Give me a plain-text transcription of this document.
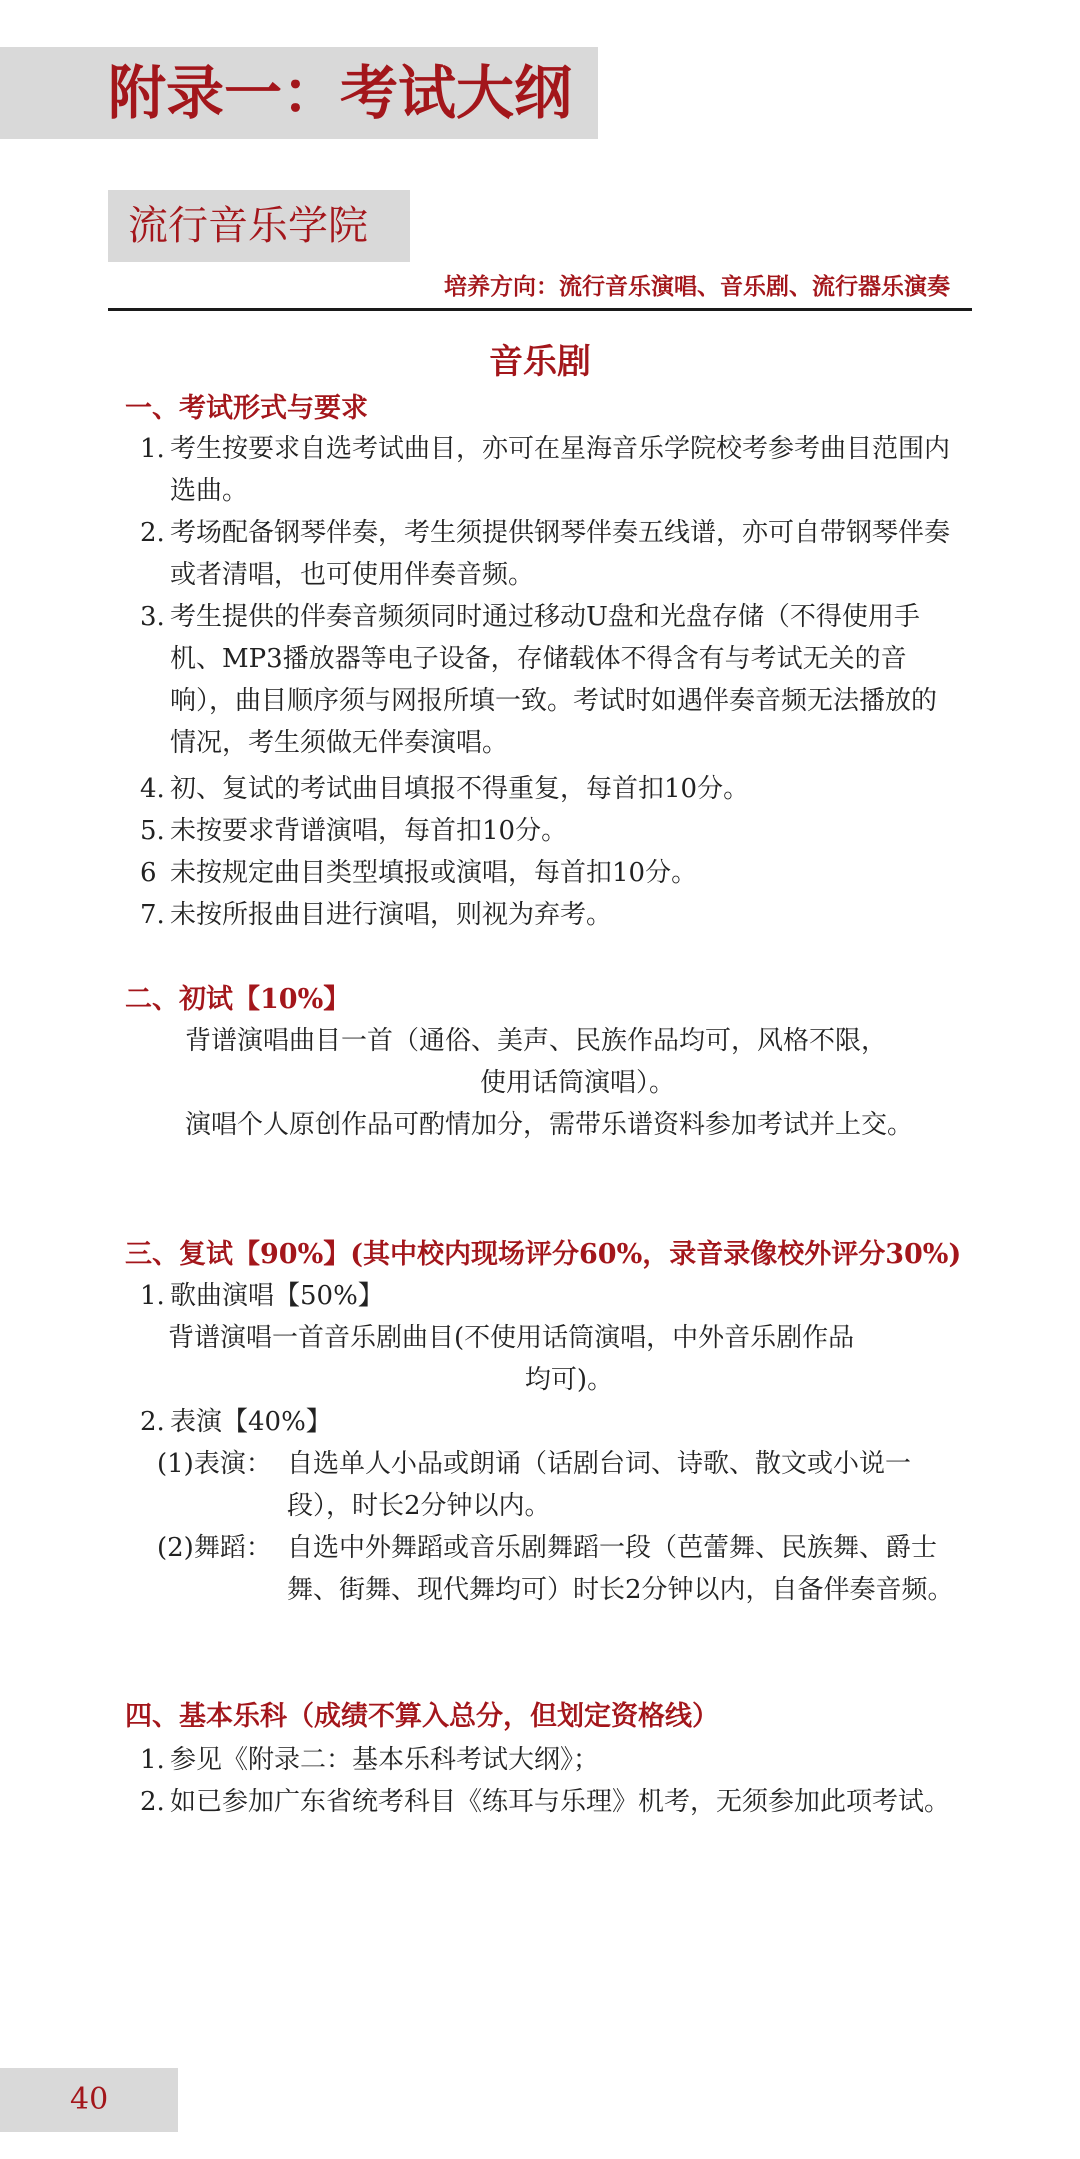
附录一：考试大纲
流行音乐学院
培养方向：流行音乐演唱、音乐剧、流行器乐演奏
音乐剧
一、考试形式与要求
1. 考生按要求自选考试曲目，亦可在星海音乐学院校考参考曲目范围内选曲。
2. 考场配备钢琴伴奏，考生须提供钢琴伴奏五线谱，亦可自带钢琴伴奏或者清唱，也可使用伴奏音频。
3. 考生提供的伴奏音频须同时通过移动U盘和光盘存储（不得使用手机、MP3播放器等电子设备，存储载体不得含有与考试无关的音响），曲目顺序须与网报所填一致。考试时如遇伴奏音频无法播放的情况，考生须做无伴奏演唱。
4. 初、复试的考试曲目填报不得重复，每首扣10分。
5. 未按要求背谱演唱，每首扣10分。
6 未按规定曲目类型填报或演唱，每首扣10分。
7. 未按所报曲目进行演唱，则视为弃考。
二、初试【10%】
背谱演唱曲目一首（通俗、美声、民族作品均可，风格不限，
使用话筒演唱）。
演唱个人原创作品可酌情加分，需带乐谱资料参加考试并上交。
三、复试【90%】(其中校内现场评分60%，录音录像校外评分30%)
1. 歌曲演唱【50%】
背谱演唱一首音乐剧曲目(不使用话筒演唱，中外音乐剧作品
均可)。
2. 表演【40%】
(1)表演： 自选单人小品或朗诵（话剧台词、诗歌、散文或小说一段），时长2分钟以内。
(2)舞蹈： 自选中外舞蹈或音乐剧舞蹈一段（芭蕾舞、民族舞、爵士舞、街舞、现代舞均可）时长2分钟以内，自备伴奏音频。
四、基本乐科（成绩不算入总分，但划定资格线）
1. 参见《附录二：基本乐科考试大纲》；
2. 如已参加广东省统考科目《练耳与乐理》机考，无须参加此项考试。
40
